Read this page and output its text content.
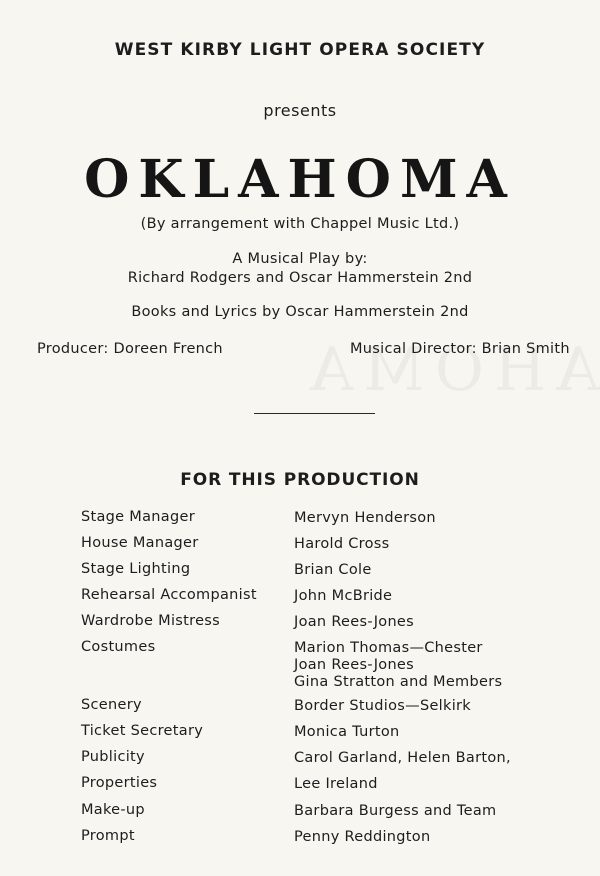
WEST KIRBY LIGHT OPERA SOCIETY
presents
OKLAHOMA
(By arrangement with Chappel Music Ltd.)
A Musical Play by:
Richard Rodgers and Oscar Hammerstein 2nd
Books and Lyrics by Oscar Hammerstein 2nd
Producer: Doreen French	Musical Director: Brian Smith
FOR THIS PRODUCTION
Stage Manager	Mervyn Henderson
House Manager	Harold Cross
Stage Lighting	Brian Cole
Rehearsal Accompanist	John McBride
Wardrobe Mistress	Joan Rees-Jones
Costumes	Marion Thomas—Chester
Joan Rees-Jones
Gina Stratton and Members
Scenery	Border Studios—Selkirk
Ticket Secretary	Monica Turton
Publicity	Carol Garland, Helen Barton,
Properties	Lee Ireland
Make-up	Barbara Burgess and Team
Prompt	Penny Reddington
